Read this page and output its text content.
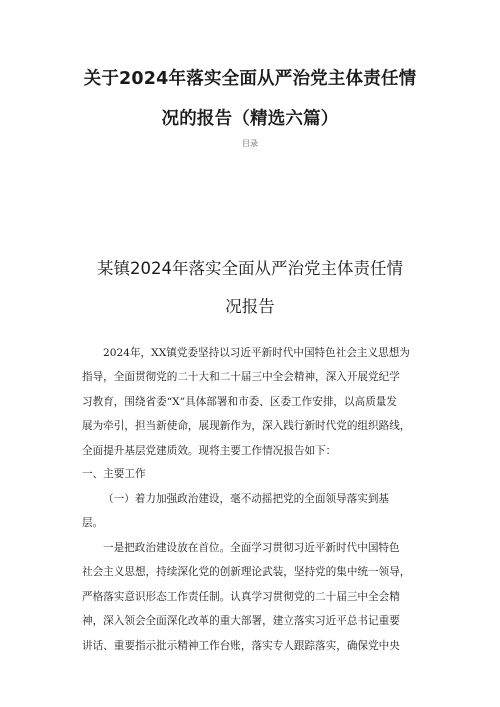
关于2024年落实全面从严治党主体责任情
况的报告（精选六篇）
目录
某镇2024年落实全面从严治党主体责任情
况报告
2024年，XX镇党委坚持以习近平新时代中国特色社会主义思想为
指导，全面贯彻党的二十大和二十届三中全会精神，深入开展党纪学
习教育，围绕省委“X”具体部署和市委、区委工作安排，以高质量发
展为牵引，担当新使命，展现新作为，深入践行新时代党的组织路线，
全面提升基层党建质效。现将主要工作情况报告如下：
一、主要工作
（一）着力加强政治建设，毫不动摇把党的全面领导落实到基
层。
一是把政治建设放在首位。全面学习贯彻习近平新时代中国特色
社会主义思想，持续深化党的创新理论武装，坚持党的集中统一领导，
严格落实意识形态工作责任制。认真学习贯彻党的二十届三中全会精
神，深入领会全面深化改革的重大部署，建立落实习近平总书记重要
讲话、重要指示批示精神工作台账，落实专人跟踪落实，确保党中央
